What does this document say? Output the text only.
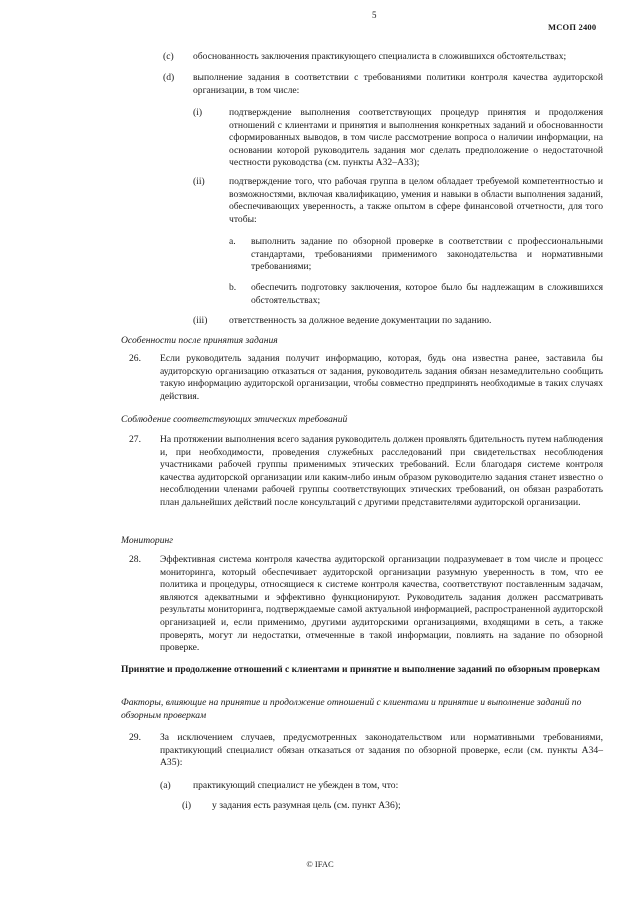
5
МСОП 2400
(c) обоснованность заключения практикующего специалиста в сложившихся обстоятельствах;
(d) выполнение задания в соответствии с требованиями политики контроля качества аудиторской организации, в том числе:
(i)	подтверждение выполнения соответствующих процедур принятия и продолжения отношений с клиентами и принятия и выполнения конкретных заданий и обоснованности сформированных выводов, в том числе рассмотрение вопроса о наличии информации, на основании которой руководитель задания мог сделать предположение о недостаточной честности руководства (см. пункты А32–А33);
(ii)	подтверждение того, что рабочая группа в целом обладает требуемой компетентностью и возможностями, включая квалификацию, умения и навыки в области выполнения заданий, обеспечивающих уверенность, а также опытом в сфере финансовой отчетности, для того чтобы:
a. выполнить задание по обзорной проверке в соответствии с профессиональными стандартами, требованиями применимого законодательства и нормативными требованиями;
b. обеспечить подготовку заключения, которое было бы надлежащим в сложившихся обстоятельствах;
(iii) ответственность за должное ведение документации по заданию.
Особенности после принятия задания
26. Если руководитель задания получит информацию, которая, будь она известна ранее, заставила бы аудиторскую организацию отказаться от задания, руководитель задания обязан незамедлительно сообщить такую информацию аудиторской организации, чтобы совместно предпринять необходимые в таких случаях действия.
Соблюдение соответствующих этических требований
27. На протяжении выполнения всего задания руководитель должен проявлять бдительность путем наблюдения и, при необходимости, проведения служебных расследований при свидетельствах несоблюдения участниками рабочей группы применимых этических требований. Если благодаря системе контроля качества аудиторской организации или каким-либо иным образом руководителю задания станет известно о несоблюдении членами рабочей группы соответствующих этических требований, он обязан разработать план дальнейших действий после консультаций с другими представителями аудиторской организации.
Мониторинг
28. Эффективная система контроля качества аудиторской организации подразумевает в том числе и процесс мониторинга, который обеспечивает аудиторской организации разумную уверенность в том, что ее политика и процедуры, относящиеся к системе контроля качества, соответствуют поставленным задачам, являются адекватными и эффективно функционируют. Руководитель задания должен рассматривать результаты мониторинга, подтверждаемые самой актуальной информацией, распространенной аудиторской организацией и, если применимо, другими аудиторскими организациями, входящими в сеть, а также проверять, могут ли недостатки, отмеченные в такой информации, повлиять на задание по обзорной проверке.
Принятие и продолжение отношений с клиентами и принятие и выполнение заданий по обзорным проверкам
Факторы, влияющие на принятие и продолжение отношений с клиентами и принятие и выполнение заданий по обзорным проверкам
29. За исключением случаев, предусмотренных законодательством или нормативными требованиями, практикующий специалист обязан отказаться от задания по обзорной проверке, если (см. пункты А34–А35):
(a) практикующий специалист не убежден в том, что:
(i) у задания есть разумная цель (см. пункт А36);
© IFAC
